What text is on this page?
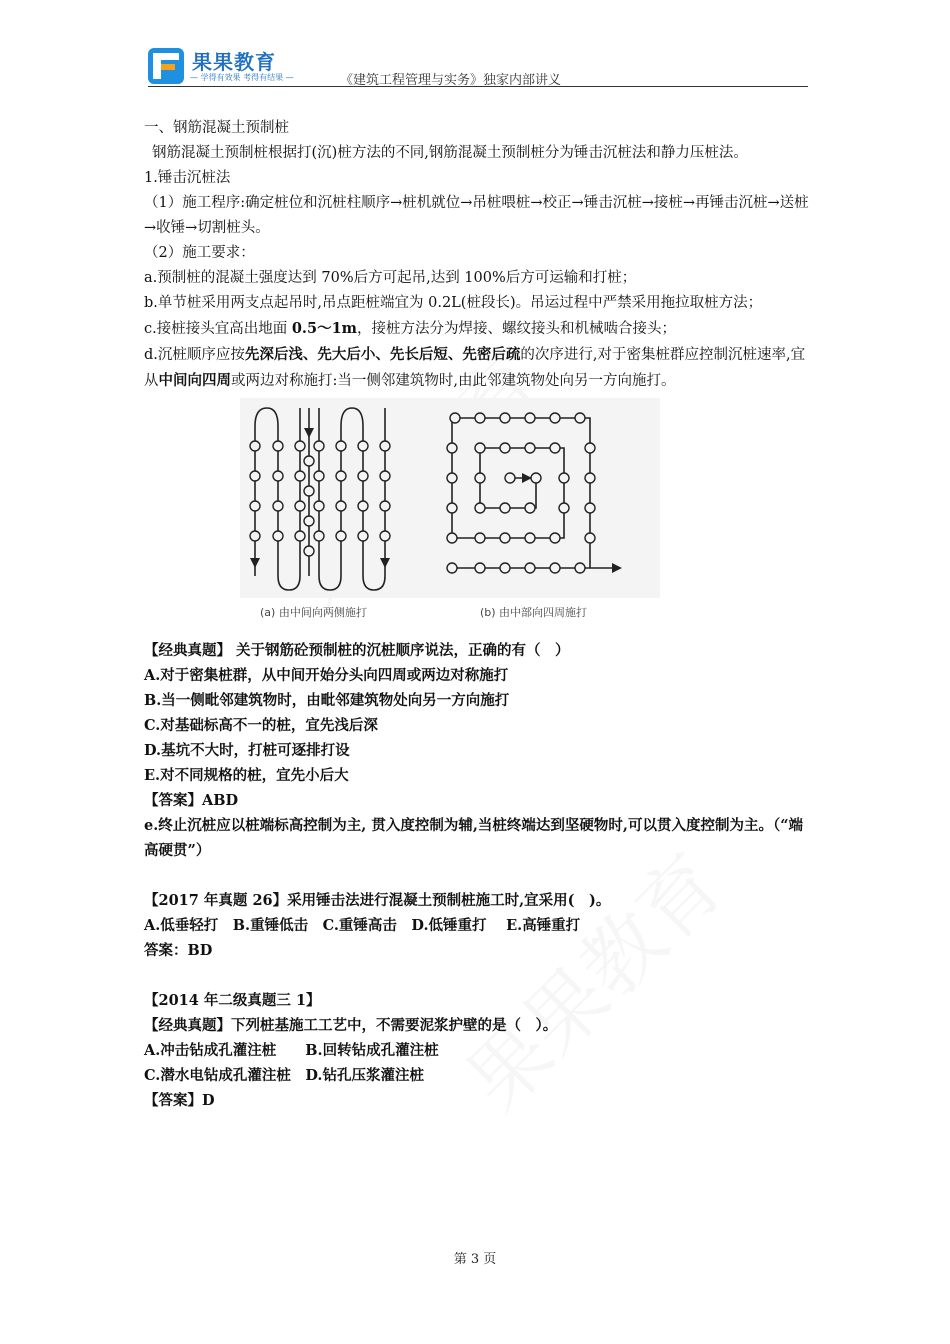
果果教育
— 学得有效果 考得有结果 —	《建筑工程管理与实务》独家内部讲义

一、钢筋混凝土预制桩

钢筋混凝土预制桩根据打(沉)桩方法的不同,钢筋混凝土预制桩分为锤击沉桩法和静力压桩法。

1.锤击沉桩法

（1）施工程序:确定桩位和沉桩柱顺序→桩机就位→吊桩喂桩→校正→锤击沉桩→接桩→再锤击沉桩→送桩→收锤→切割桩头。

（2）施工要求：

a.预制桩的混凝土强度达到 70%后方可起吊,达到 100%后方可运输和打桩；

b.单节桩采用两支点起吊时,吊点距桩端宜为 0.2L(桩段长)。吊运过程中严禁采用拖拉取桩方法；

c.接桩接头宜高出地面 0.5～1m，接桩方法分为焊接、螺纹接头和机械啮合接头；

d.沉桩顺序应按先深后浅、先大后小、先长后短、先密后疏的次序进行,对于密集桩群应控制沉桩速率,宜从中间向四周或两边对称施打:当一侧邻建筑物时,由此邻建筑物处向另一方向施打。

(a) 由中间向两侧施打	(b) 由中部向四周施打

【经典真题】 关于钢筋砼预制桩的沉桩顺序说法，正确的有（　）

A.对于密集桩群，从中间开始分头向四周或两边对称施打

B.当一侧毗邻建筑物时，由毗邻建筑物处向另一方向施打

C.对基础标高不一的桩，宜先浅后深

D.基坑不大时，打桩可逐排打设

E.对不同规格的桩，宜先小后大

【答案】ABD

e.终止沉桩应以桩端标高控制为主, 贯入度控制为辅,当桩终端达到坚硬物时,可以贯入度控制为主。（“端高硬贯”）

【2017 年真题 26】采用锤击法进行混凝土预制桩施工时,宜采用(　)。

A.低垂轻打　B.重锤低击　C.重锤高击　D.低锤重打　 E.高锤重打

答案：BD

【2014 年二级真题三 1】

【经典真题】下列桩基施工工艺中，不需要泥浆护壁的是（　）。

A.冲击钻成孔灌注桩　　B.回转钻成孔灌注桩

C.潜水电钻成孔灌注桩　D.钻孔压浆灌注桩

【答案】D

第 3 页
